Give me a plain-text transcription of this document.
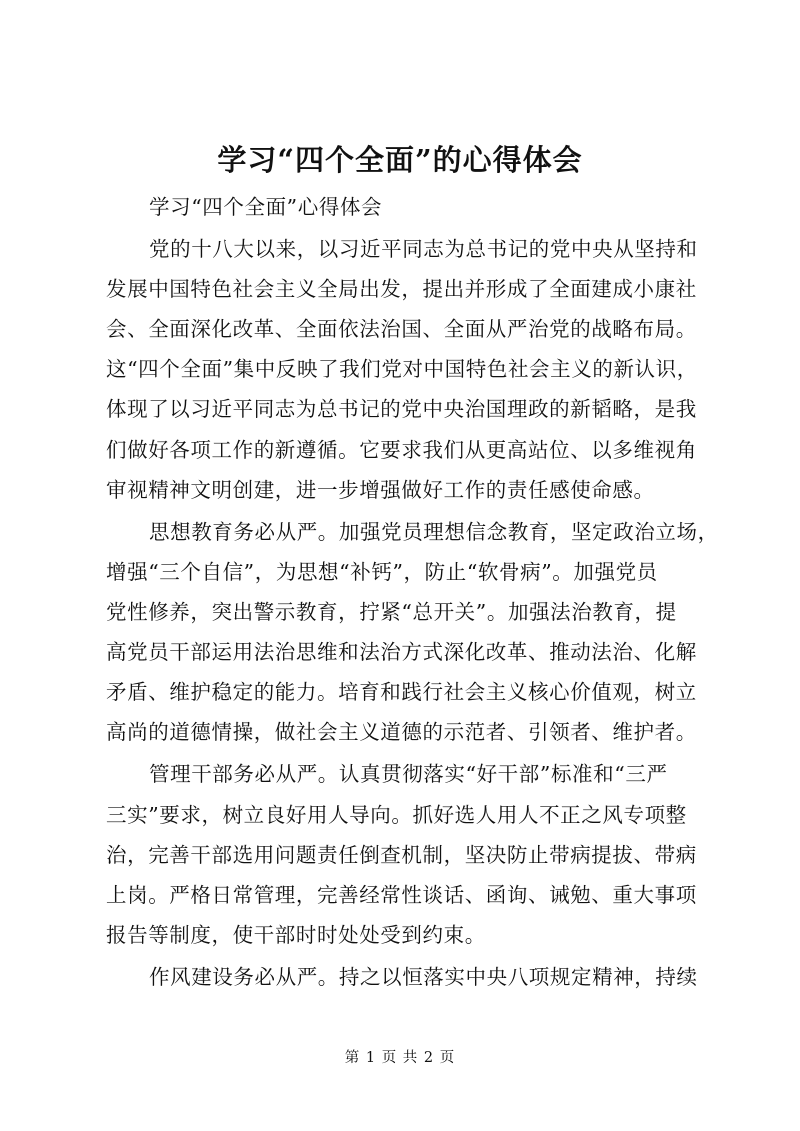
学习“四个全面”的心得体会
学习“四个全面”心得体会
党的十八大以来，以习近平同志为总书记的党中央从坚持和
发展中国特色社会主义全局出发，提出并形成了全面建成小康社
会、全面深化改革、全面依法治国、全面从严治党的战略布局。
这“四个全面”集中反映了我们党对中国特色社会主义的新认识，
体现了以习近平同志为总书记的党中央治国理政的新韬略，是我
们做好各项工作的新遵循。它要求我们从更高站位、以多维视角
审视精神文明创建，进一步增强做好工作的责任感使命感。
思想教育务必从严。加强党员理想信念教育，坚定政治立场，
增强“三个自信”，为思想“补钙”，防止“软骨病”。加强党员
党性修养，突出警示教育，拧紧“总开关”。加强法治教育，提
高党员干部运用法治思维和法治方式深化改革、推动法治、化解
矛盾、维护稳定的能力。培育和践行社会主义核心价值观，树立
高尚的道德情操，做社会主义道德的示范者、引领者、维护者。
管理干部务必从严。认真贯彻落实“好干部”标准和“三严
三实”要求，树立良好用人导向。抓好选人用人不正之风专项整
治，完善干部选用问题责任倒查机制，坚决防止带病提拔、带病
上岗。严格日常管理，完善经常性谈话、函询、诫勉、重大事项
报告等制度，使干部时时处处受到约束。
作风建设务必从严。持之以恒落实中央八项规定精神，持续
第 1 页 共 2 页
